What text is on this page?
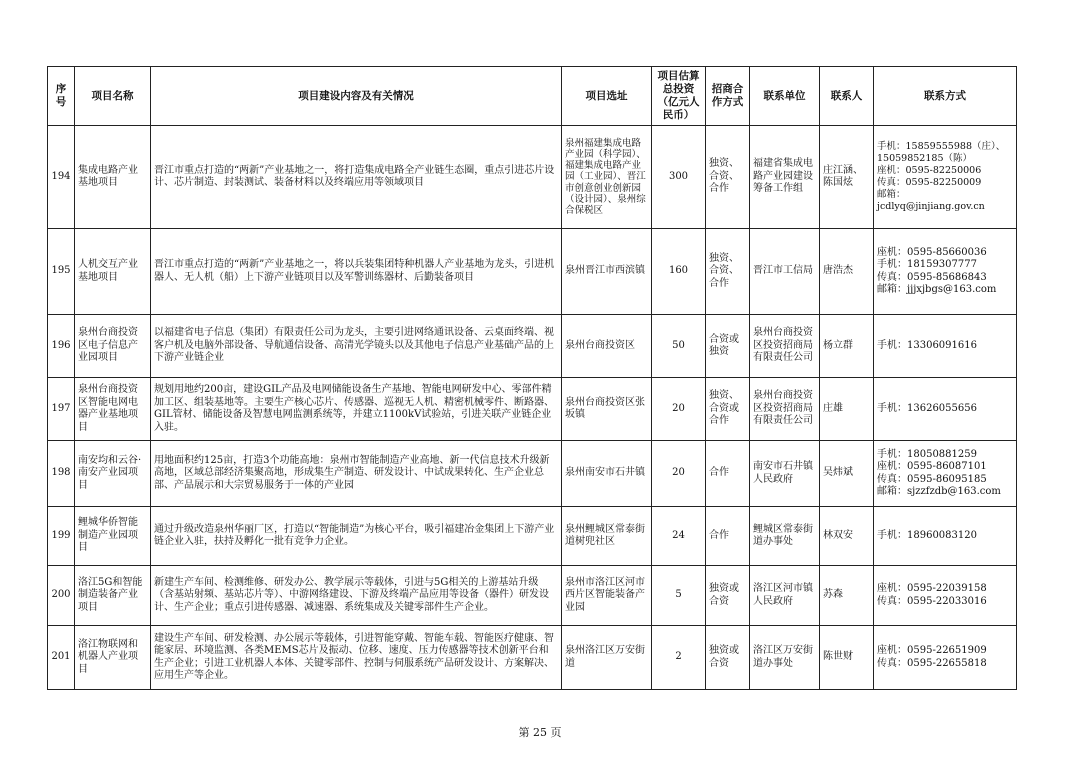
序号	项目名称	项目建设内容及有关情况	项目选址	项目估算总投资（亿元人民币）	招商合作方式	联系单位	联系人	联系方式
194	集成电路产业基地项目	晋江市重点打造的“两新”产业基地之一，将打造集成电路全产业链生态圈，重点引进芯片设计、芯片制造、封装测试、装备材料以及终端应用等领域项目	泉州福建集成电路产业园（科学园）、福建集成电路产业园（工业园）、晋江市创意创业创新园（设计园）、泉州综合保税区	300	独资、合资、合作	福建省集成电路产业园建设筹备工作组	庄江涵、陈国炫	手机：15859555988（庄）、15059852185（陈）
座机：0595-82250006
传真：0595-82250009
邮箱：jcdlyq@jinjiang.gov.cn
195	人机交互产业基地项目	晋江市重点打造的“两新”产业基地之一，将以兵装集团特种机器人产业基地为龙头，引进机器人、无人机（船）上下游产业链项目以及军警训练器材、后勤装备项目	泉州晋江市西滨镇	160	独资、合资、合作	晋江市工信局	唐浩杰	座机：0595-85660036
手机：18159307777
传真：0595-85686843
邮箱：jjjxjbgs@163.com
196	泉州台商投资区电子信息产业园项目	以福建省电子信息（集团）有限责任公司为龙头，主要引进网络通讯设备、云桌面终端、视客户机及电脑外部设备、导航通信设备、高清光学镜头以及其他电子信息产业基础产品的上下游产业链企业	泉州台商投资区	50	合资或独资	泉州台商投资区投资招商局有限责任公司	杨立群	手机：13306091616
197	泉州台商投资区智能电网电器产业基地项目	规划用地约200亩，建设GIL产品及电网储能设备生产基地、智能电网研发中心、零部件精加工区、组装基地等。主要生产核心芯片、传感器、巡视无人机、精密机械零件、断路器、GIL管材、储能设备及智慧电网监测系统等，并建立1100kV试验站，引进关联产业链企业入驻。	泉州台商投资区张坂镇	20	独资、合资或合作	泉州台商投资区投资招商局有限责任公司	庄雄	手机：13626055656
198	南安均和云谷·南安产业园项目	用地面积约125亩，打造3个功能高地：泉州市智能制造产业高地、新一代信息技术升级新高地，区域总部经济集聚高地，形成集生产制造、研发设计、中试成果转化、生产企业总部、产品展示和大宗贸易服务于一体的产业园	泉州南安市石井镇	20	合作	南安市石井镇人民政府	吴炜斌	手机：18050881259
座机：0595-86087101
传真：0595-86095185
邮箱：sjzzfzdb@163.com
199	鲤城华侨智能制造产业园项目	通过升级改造泉州华丽厂区，打造以“智能制造”为核心平台，吸引福建冶金集团上下游产业链企业入驻，扶持及孵化一批有竞争力企业。	泉州鲤城区常泰街道树兜社区	24	合作	鲤城区常泰街道办事处	林双安	手机：18960083120
200	洛江5G和智能制造装备产业项目	新建生产车间、检测维修、研发办公、教学展示等载体，引进与5G相关的上游基站升级（含基站射频、基站芯片等）、中游网络建设、下游及终端产品应用等设备（器件）研发设计、生产企业；重点引进传感器、减速器、系统集成及关键零部件生产企业。	泉州市洛江区河市西片区智能装备产业园	5	独资或合资	洛江区河市镇人民政府	苏森	座机：0595-22039158
传真：0595-22033016
201	洛江物联网和机器人产业项目	建设生产车间、研发检测、办公展示等载体，引进智能穿戴、智能车载、智能医疗健康、智能家居、环境监测、各类MEMS芯片及振动、位移、速度、压力传感器等技术创新平台和生产企业；引进工业机器人本体、关键零部件、控制与伺服系统产品研发设计、方案解决、应用生产等企业。	泉州洛江区万安街道	2	独资或合资	洛江区万安街道办事处	陈世财	座机：0595-22651909
传真：0595-22655818
第 25 页
